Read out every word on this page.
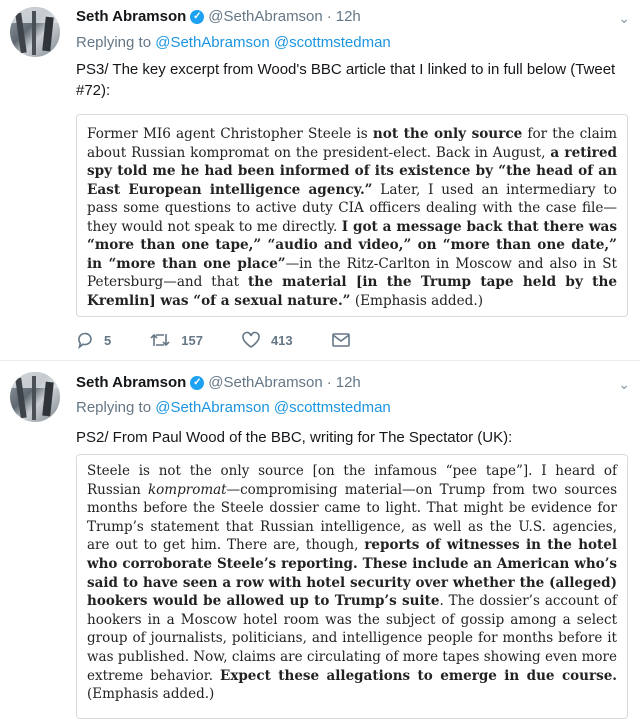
Seth Abramson ✓ @SethAbramson · 12h	⌄
Replying to @SethAbramson @scottmstedman
PS3/ The key excerpt from Wood's BBC article that I linked to in full below (Tweet #72):
Former MI6 agent Christopher Steele is not the only source for the claim about Russian kompromat on the president-elect. Back in August, a retired spy told me he had been informed of its existence by “the head of an East European intelligence agency.” Later, I used an intermediary to pass some questions to active duty CIA officers dealing with the case file—they would not speak to me directly. I got a message back that there was “more than one tape,” “audio and video,” on “more than one date,” in “more than one place”—in the Ritz-Carlton in Moscow and also in St Petersburg—and that the material [in the Trump tape held by the Kremlin] was “of a sexual nature.” (Emphasis added.)
5	157	413
Seth Abramson ✓ @SethAbramson · 12h	⌄
Replying to @SethAbramson @scottmstedman
PS2/ From Paul Wood of the BBC, writing for The Spectator (UK):
Steele is not the only source [on the infamous “pee tape”]. I heard of Russian kompromat—compromising material—on Trump from two sources months before the Steele dossier came to light. That might be evidence for Trump’s statement that Russian intelligence, as well as the U.S. agencies, are out to get him. There are, though, reports of witnesses in the hotel who corroborate Steele’s reporting. These include an American who’s said to have seen a row with hotel security over whether the (alleged) hookers would be allowed up to Trump’s suite. The dossier’s account of hookers in a Moscow hotel room was the subject of gossip among a select group of journalists, politicians, and intelligence people for months before it was published. Now, claims are circulating of more tapes showing even more extreme behavior. Expect these allegations to emerge in due course. (Emphasis added.)
